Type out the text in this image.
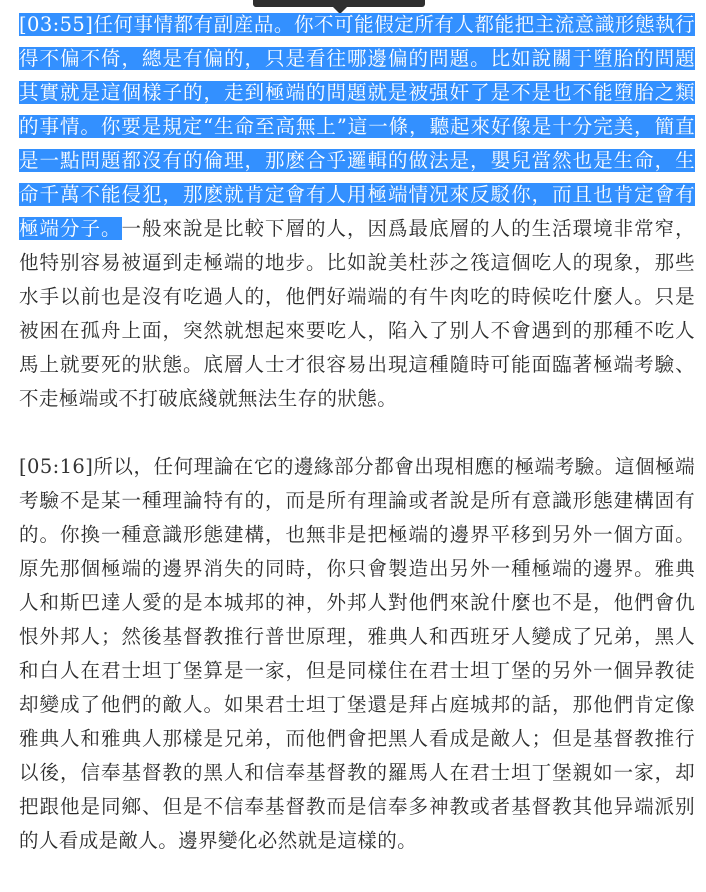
[03:55]任何事情都有副産品。你不可能假定所有人都能把主流意識形態執行得不偏不倚，總是有偏的，只是看往哪邊偏的問題。比如說關于墮胎的問題其實就是這個樣子的，走到極端的問題就是被强奸了是不是也不能墮胎之類的事情。你要是規定“生命至高無上”這一條，聽起來好像是十分完美，簡直是一點問題都沒有的倫理，那麽合乎邏輯的做法是，嬰兒當然也是生命，生命千萬不能侵犯，那麽就肯定會有人用極端情况來反駁你，而且也肯定會有極端分子。一般來說是比較下層的人，因爲最底層的人的生活環境非常窄，他特别容易被逼到走極端的地步。比如說美杜莎之筏這個吃人的現象，那些水手以前也是沒有吃過人的，他們好端端的有牛肉吃的時候吃什麼人。只是被困在孤舟上面，突然就想起來要吃人，陷入了别人不會遇到的那種不吃人馬上就要死的狀態。底層人士才很容易出現這種隨時可能面臨著極端考驗、不走極端或不打破底綫就無法生存的狀態。

[05:16]所以，任何理論在它的邊緣部分都會出現相應的極端考驗。這個極端考驗不是某一種理論特有的，而是所有理論或者說是所有意識形態建構固有的。你換一種意識形態建構，也無非是把極端的邊界平移到另外一個方面。原先那個極端的邊界消失的同時，你只會製造出另外一種極端的邊界。雅典人和斯巴達人愛的是本城邦的神，外邦人對他們來說什麼也不是，他們會仇恨外邦人；然後基督教推行普世原理，雅典人和西班牙人變成了兄弟，黑人和白人在君士坦丁堡算是一家，但是同樣住在君士坦丁堡的另外一個异教徒却變成了他們的敵人。如果君士坦丁堡還是拜占庭城邦的話，那他們肯定像雅典人和雅典人那樣是兄弟，而他們會把黑人看成是敵人；但是基督教推行以後，信奉基督教的黑人和信奉基督教的羅馬人在君士坦丁堡親如一家，却把跟他是同鄉、但是不信奉基督教而是信奉多神教或者基督教其他异端派别的人看成是敵人。邊界變化必然就是這樣的。
